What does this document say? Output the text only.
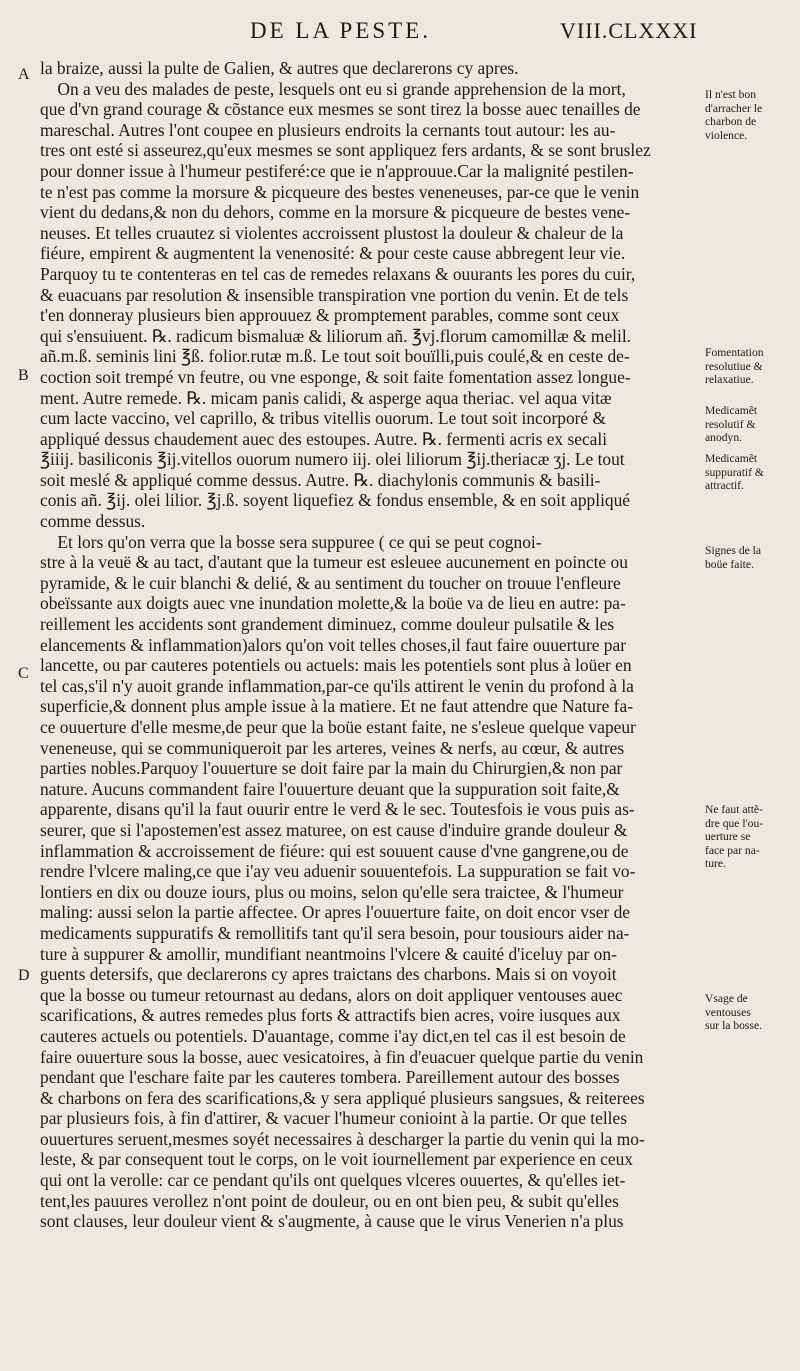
DE LA PESTE.	VIII.CLXXXI
A
B
C
D
la braize, aussi la pulte de Galien, & autres que declarerons cy apres.
 On a veu des malades de peste, lesquels ont eu si grande apprehension de la mort,
que d'vn grand courage & cõstance eux mesmes se sont tirez la bosse auec tenailles de
mareschal. Autres l'ont coupee en plusieurs endroits la cernants tout autour: les au-
tres ont esté si asseurez,qu'eux mesmes se sont appliquez fers ardants, & se sont bruslez
pour donner issue à l'humeur pestiferé:ce que ie n'approuue.Car la malignité pestilen-
te n'est pas comme la morsure & picqueure des bestes veneneuses, par-ce que le venin
vient du dedans,& non du dehors, comme en la morsure & picqueure de bestes vene-
neuses. Et telles cruautez si violentes accroissent plustost la douleur & chaleur de la
fiéure, empirent & augmentent la venenosité: & pour ceste cause abbregent leur vie.
Parquoy tu te contenteras en tel cas de remedes relaxans & ouurants les pores du cuir,
& euacuans par resolution & insensible transpiration vne portion du venin. Et de tels
t'en donneray plusieurs bien approuuez & promptement parables, comme sont ceux
qui s'ensuiuent. ℞. radicum bismaluæ & liliorum añ. ℥vj.florum camomillæ & melil.
añ.m.ß. seminis lini ℥ß. folior.rutæ m.ß. Le tout soit bouïlli,puis coulé,& en ceste de-
coction soit trempé vn feutre, ou vne esponge, & soit faite fomentation assez longue-
ment. Autre remede. ℞. micam panis calidi, & asperge aqua theriac. vel aqua vitæ
cum lacte vaccino, vel caprillo, & tribus vitellis ouorum. Le tout soit incorporé &
appliqué dessus chaudement auec des estoupes. Autre. ℞. fermenti acris ex secali
℥iiij. basiliconis ℥ij.vitellos ouorum numero iij. olei liliorum ℥ij.theriacæ ʒj. Le tout
soit meslé & appliqué comme dessus. Autre. ℞. diachylonis communis & basili-
conis añ. ℥ij. olei lilior. ℥j.ß. soyent liquefiez & fondus ensemble, & en soit appliqué
comme dessus.
 Et lors qu'on verra que la bosse sera suppuree ( ce qui se peut cognoi-
stre à la veuë & au tact, d'autant que la tumeur est esleuee aucunement en poincte ou
pyramide, & le cuir blanchi & delié, & au sentiment du toucher on trouue l'enfleure
obeïssante aux doigts auec vne inundation molette,& la boüe va de lieu en autre: pa-
reillement les accidents sont grandement diminuez, comme douleur pulsatile & les
elancements & inflammation)alors qu'on voit telles choses,il faut faire ouuerture par
lancette, ou par cauteres potentiels ou actuels: mais les potentiels sont plus à loüer en
tel cas,s'il n'y auoit grande inflammation,par-ce qu'ils attirent le venin du profond à la
superficie,& donnent plus ample issue à la matiere. Et ne faut attendre que Nature fa-
ce ouuerture d'elle mesme,de peur que la boüe estant faite, ne s'esleue quelque vapeur
veneneuse, qui se communiqueroit par les arteres, veines & nerfs, au cœur, & autres
parties nobles.Parquoy l'ouuerture se doit faire par la main du Chirurgien,& non par
nature. Aucuns commandent faire l'ouuerture deuant que la suppuration soit faite,&
apparente, disans qu'il la faut ouurir entre le verd & le sec. Toutesfois ie vous puis as-
seurer, que si l'apostemen'est assez maturee, on est cause d'induire grande douleur &
inflammation & accroissement de fiéure: qui est souuent cause d'vne gangrene,ou de
rendre l'vlcere maling,ce que i'ay veu aduenir souuentefois. La suppuration se fait vo-
lontiers en dix ou douze iours, plus ou moins, selon qu'elle sera traictee, & l'humeur
maling: aussi selon la partie affectee. Or apres l'ouuerture faite, on doit encor vser de
medicaments suppuratifs & remollitifs tant qu'il sera besoin, pour tousiours aider na-
ture à suppurer & amollir, mundifiant neantmoins l'vlcere & cauité d'iceluy par on-
guents detersifs, que declarerons cy apres traictans des charbons. Mais si on voyoit
que la bosse ou tumeur retournast au dedans, alors on doit appliquer ventouses auec
scarifications, & autres remedes plus forts & attractifs bien acres, voire iusques aux
cauteres actuels ou potentiels. D'auantage, comme i'ay dict,en tel cas il est besoin de
faire ouuerture sous la bosse, auec vesicatoires, à fin d'euacuer quelque partie du venin
pendant que l'eschare faite par les cauteres tombera. Pareillement autour des bosses
& charbons on fera des scarifications,& y sera appliqué plusieurs sangsues, & reiterees
par plusieurs fois, à fin d'attirer, & vacuer l'humeur conioint à la partie. Or que telles
ouuertures seruent,mesmes soyét necessaires à descharger la partie du venin qui la mo-
leste, & par consequent tout le corps, on le voit iournellement par experience en ceux
qui ont la verolle: car ce pendant qu'ils ont quelques vlceres ouuertes, & qu'elles iet-
tent,les pauures verollez n'ont point de douleur, ou en ont bien peu, & subit qu'elles
sont clauses, leur douleur vient & s'augmente, à cause que le virus Venerien n'a plus
Il n'est bon
d'arracher le
charbon de
violence.
Fomentation
resolutiue &
relaxatiue.
Medicamẽt
resolutif &
anodyn.
Medicamẽt
suppuratif &
attractif.
Signes de la
boüe faite.
Ne faut attẽ-
dre que l'ou-
uerture se
face par na-
ture.
Vsage de
ventouses
sur la bosse.
